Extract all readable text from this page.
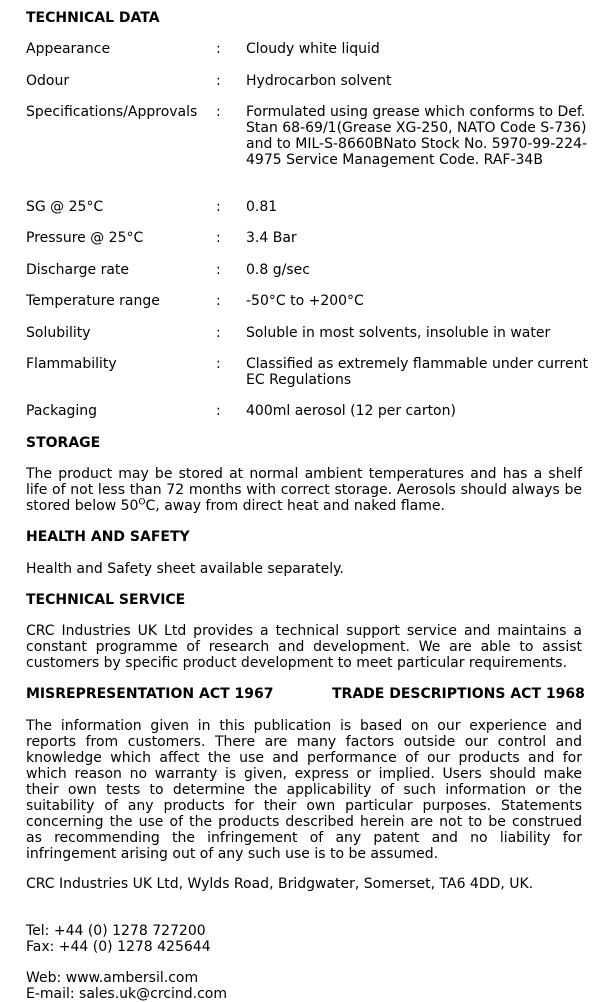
TECHNICAL DATA
Appearance	: Cloudy white liquid
Odour	: Hydrocarbon solvent
Specifications/Approvals : Formulated using grease which conforms to Def. Stan 68-69/1(Grease XG-250, NATO Code S-736) and to MIL-S-8660BNato Stock No. 5970-99-224-4975 Service Management Code. RAF-34B
SG @ 25°C	: 0.81
Pressure @ 25°C	: 3.4 Bar
Discharge rate	: 0.8 g/sec
Temperature range	: -50°C to +200°C
Solubility	: Soluble in most solvents, insoluble in water
Flammability	: Classified as extremely flammable under current EC Regulations
Packaging	: 400ml aerosol (12 per carton)
STORAGE
The product may be stored at normal ambient temperatures and has a shelf life of not less than 72 months with correct storage. Aerosols should always be stored below $50^OC$, away from direct heat and naked flame.
HEALTH AND SAFETY
Health and Safety sheet available separately.
TECHNICAL SERVICE
CRC Industries UK Ltd provides a technical support service and maintains a constant programme of research and development. We are able to assist customers by specific product development to meet particular requirements.
MISREPRESENTATION ACT 1967	TRADE DESCRIPTIONS ACT 1968
The information given in this publication is based on our experience and reports from customers. There are many factors outside our control and knowledge which affect the use and performance of our products and for which reason no warranty is given, express or implied. Users should make their own tests to determine the applicability of such information or the suitability of any products for their own particular purposes. Statements concerning the use of the products described herein are not to be construed as recommending the infringement of any patent and no liability for infringement arising out of any such use is to be assumed.
CRC Industries UK Ltd, Wylds Road, Bridgwater, Somerset, TA6 4DD, UK.
Tel: +44 (0) 1278 727200
Fax: +44 (0) 1278 425644
Web: www.ambersil.com
E-mail: sales.uk@crcind.com
